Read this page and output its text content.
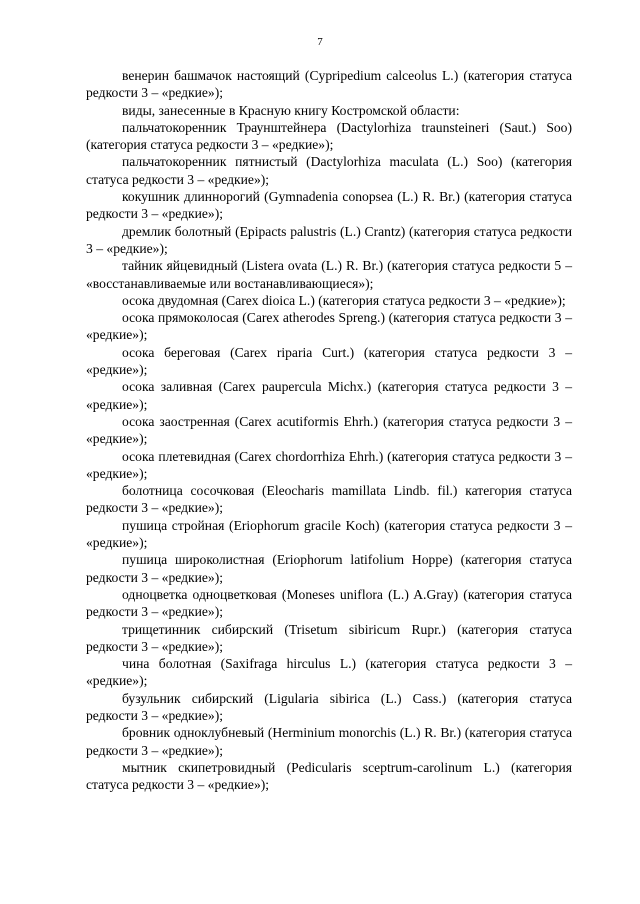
7

венерин башмачок настоящий (Cypripedium calceolus L.) (категория статуса редкости 3 – «редкие»);

виды, занесенные в Красную книгу Костромской области:

пальчатокоренник Траунштейнера (Dactylorhiza traunsteineri (Saut.) Soo) (категория статуса редкости 3 – «редкие»);

пальчатокоренник пятнистый (Dactylorhiza maculata (L.) Soo) (категория статуса редкости 3 – «редкие»);

кокушник длиннорогий (Gymnadenia conopsea (L.) R. Br.) (категория статуса редкости 3 – «редкие»);

дремлик болотный (Epipacts palustris (L.) Crantz) (категория статуса редкости 3 – «редкие»);

тайник яйцевидный (Listera ovata (L.) R. Br.) (категория статуса редкости 5 – «восстанавливаемые или востанавливающиеся»);

осока двудомная (Carex dioica L.) (категория статуса редкости 3 – «редкие»);

осока прямоколосая (Carex atherodes Spreng.) (категория статуса редкости 3 – «редкие»);

осока береговая (Carex riparia Curt.) (категория статуса редкости 3 – «редкие»);

осока заливная (Carex paupercula Michx.) (категория статуса редкости 3 – «редкие»);

осока заостренная (Carex acutiformis Ehrh.) (категория статуса редкости 3 – «редкие»);

осока плетевидная (Carex chordorrhiza Ehrh.) (категория статуса редкости 3 – «редкие»);

болотница сосочковая (Eleocharis mamillata Lindb. fil.) категория статуса редкости 3 – «редкие»);

пушица стройная (Eriophorum gracile Koch) (категория статуса редкости 3 – «редкие»);

пушица широколистная (Eriophorum latifolium Hoppe) (категория статуса редкости 3 – «редкие»);

одноцветка одноцветковая (Moneses uniflora (L.) A.Gray) (категория статуса редкости 3 – «редкие»);

трищетинник сибирский (Trisetum sibiricum Rupr.) (категория статуса редкости 3 – «редкие»);

чина болотная (Saxifraga hirculus L.) (категория статуса редкости 3 – «редкие»);

бузульник сибирский (Ligularia sibirica (L.) Cass.) (категория статуса редкости 3 – «редкие»);

бровник одноклубневый (Herminium monorchis (L.) R. Br.) (категория статуса редкости 3 – «редкие»);

мытник скипетровидный (Pedicularis sceptrum-carolinum L.) (категория статуса редкости 3 – «редкие»);
